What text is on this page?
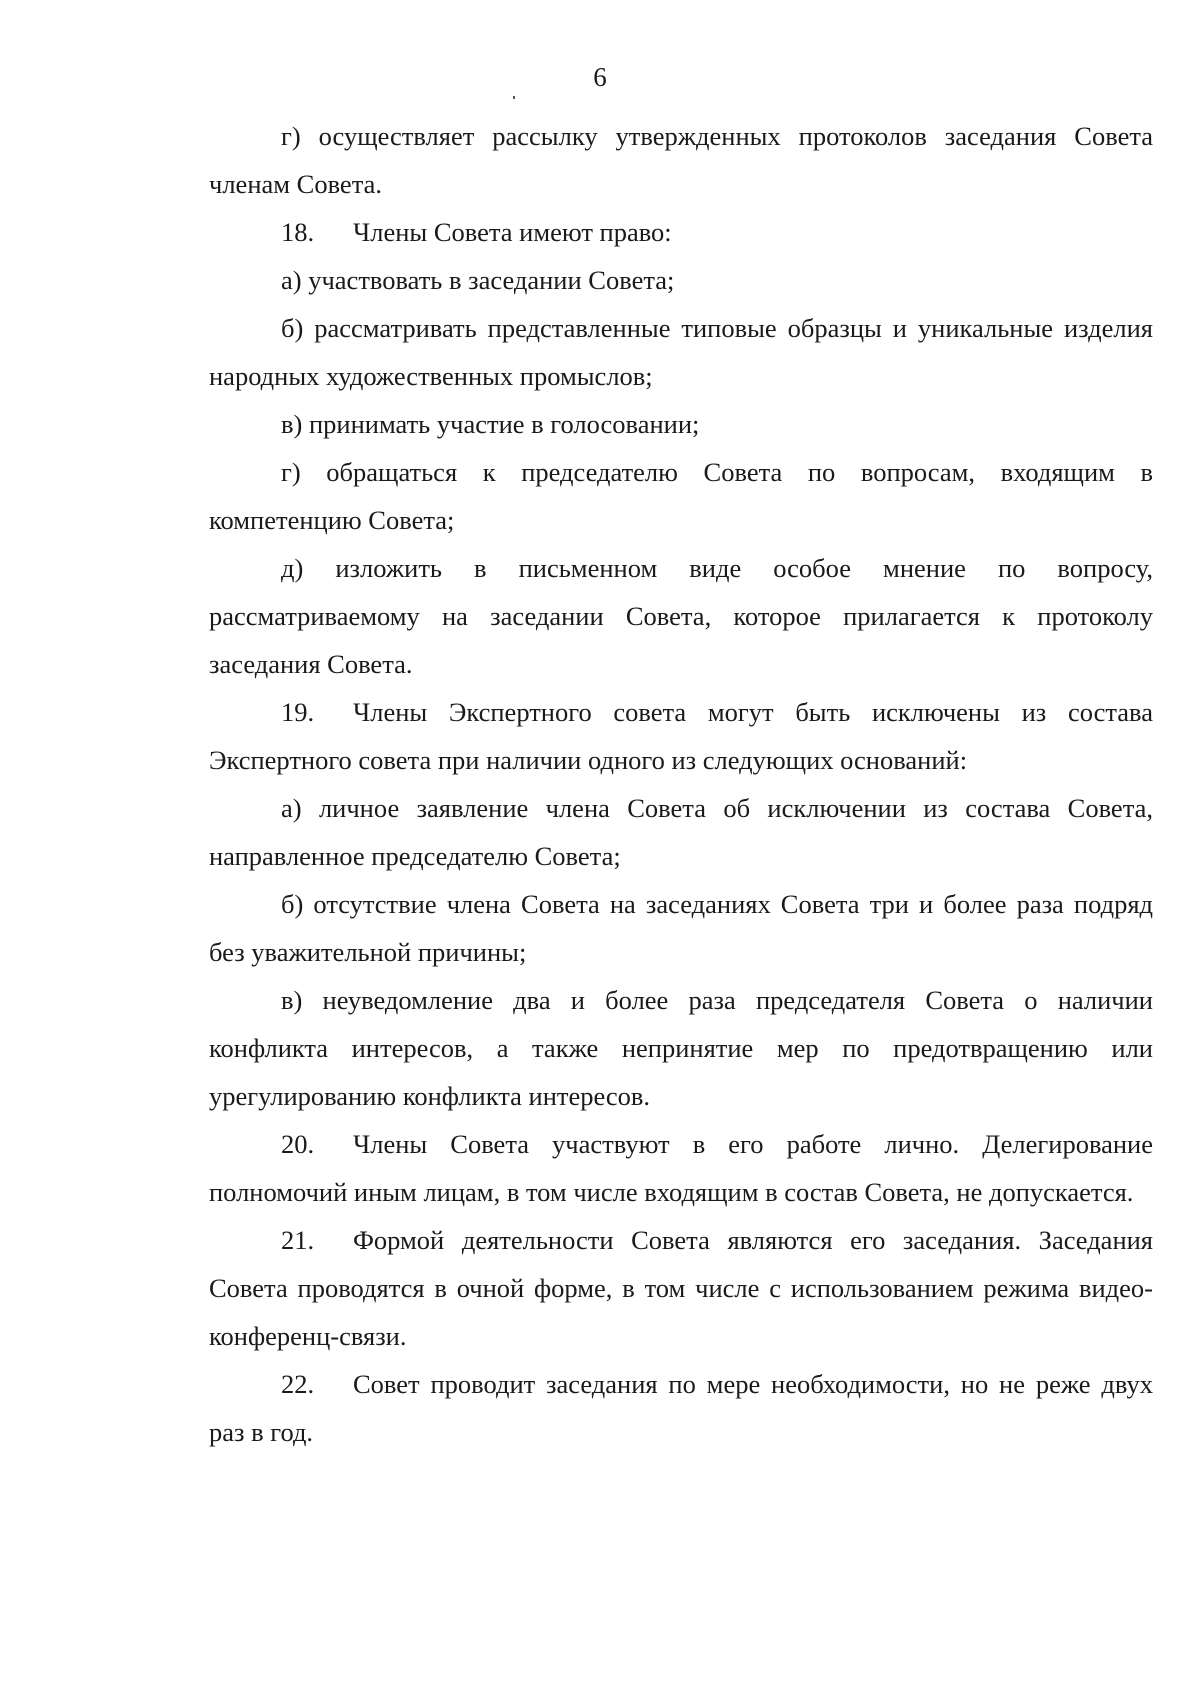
6

г) осуществляет рассылку утвержденных протоколов заседания Совета членам Совета.

18. Члены Совета имеют право:

а) участвовать в заседании Совета;

б) рассматривать представленные типовые образцы и уникальные изделия народных художественных промыслов;

в) принимать участие в голосовании;

г) обращаться к председателю Совета по вопросам, входящим в компетенцию Совета;

д) изложить в письменном виде особое мнение по вопросу, рассматриваемому на заседании Совета, которое прилагается к протоколу заседания Совета.

19. Члены Экспертного совета могут быть исключены из состава Экспертного совета при наличии одного из следующих оснований:

а) личное заявление члена Совета об исключении из состава Совета, направленное председателю Совета;

б) отсутствие члена Совета на заседаниях Совета три и более раза подряд без уважительной причины;

в) неуведомление два и более раза председателя Совета о наличии конфликта интересов, а также непринятие мер по предотвращению или урегулированию конфликта интересов.

20. Члены Совета участвуют в его работе лично. Делегирование полномочий иным лицам, в том числе входящим в состав Совета, не допускается.

21. Формой деятельности Совета являются его заседания. Заседания Совета проводятся в очной форме, в том числе с использованием режима видео-конференц-связи.

22. Совет проводит заседания по мере необходимости, но не реже двух раз в год.
